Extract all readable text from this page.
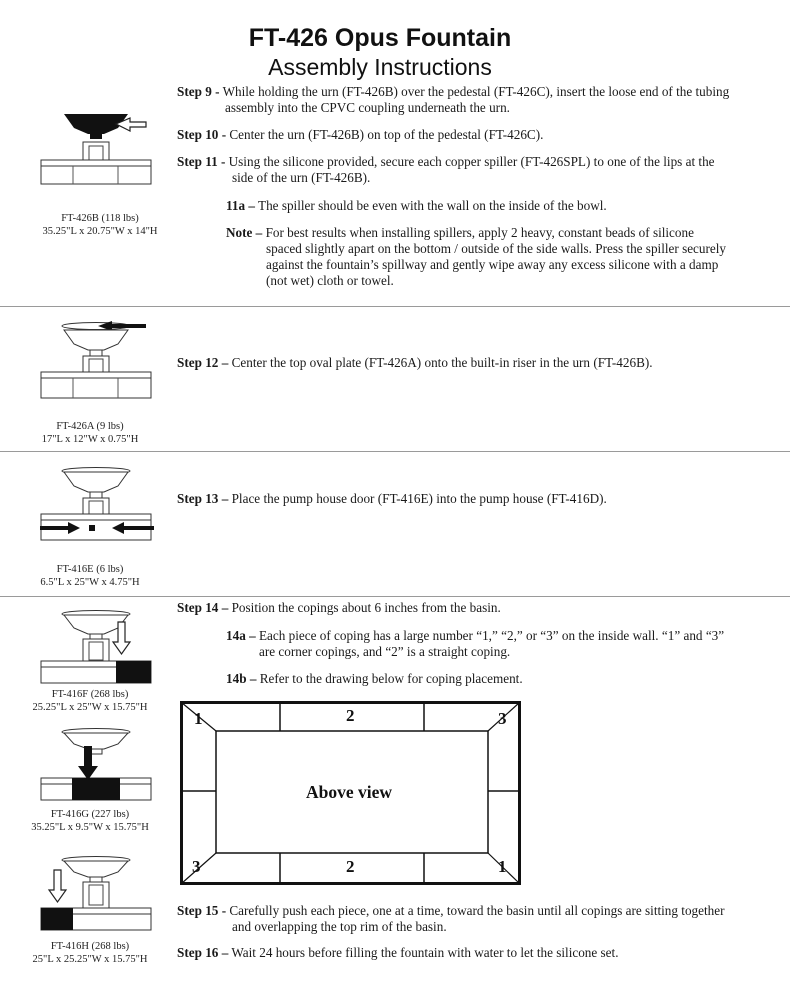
FT-426 Opus Fountain
Assembly Instructions
Step 9 - While holding the urn (FT-426B) over the pedestal (FT-426C), insert the loose end of the tubing assembly into the CPVC coupling underneath the urn.
Step 10 - Center the urn (FT-426B) on top of the pedestal (FT-426C).
Step 11 - Using the silicone provided, secure each copper spiller (FT-426SPL) to one of the lips at the side of the urn (FT-426B).
11a – The spiller should be even with the wall on the inside of the bowl.
Note – For best results when installing spillers, apply 2 heavy, constant beads of silicone spaced slightly apart on the bottom / outside of the side walls. Press the spiller securely against the fountain’s spillway and gently wipe away any excess silicone with a damp (not wet) cloth or towel.
FT-426B (118 lbs)
35.25"L x 20.75"W x 14"H
Step 12 – Center the top oval plate (FT-426A) onto the built-in riser in the urn (FT-426B).
FT-426A (9 lbs)
17"L x 12"W x 0.75"H
Step 13 – Place the pump house door (FT-416E) into the pump house (FT-416D).
FT-416E (6 lbs)
6.5"L x 25"W x 4.75"H
Step 14 – Position the copings about 6 inches from the basin.
14a – Each piece of coping has a large number “1,” “2,” or “3” on the inside wall. “1” and “3” are corner copings, and “2” is a straight coping.
14b – Refer to the drawing below for coping placement.
FT-416F (268 lbs)
25.25"L x 25"W x 15.75"H
FT-416G (227 lbs)
35.25"L x 9.5"W x 15.75"H
FT-416H (268 lbs)
25"L x 25.25"W x 15.75"H
1	2	3
3	2	1
Above view
Step 15 - Carefully push each piece, one at a time, toward the basin until all copings are sitting together and overlapping the top rim of the basin.
Step 16 – Wait 24 hours before filling the fountain with water to let the silicone set.
